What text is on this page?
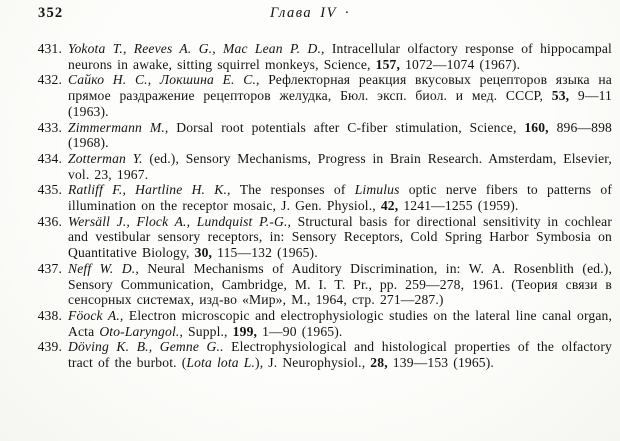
352	Глава IV ·
431. Yokota T., Reeves A. G., Mac Lean P. D., Intracellular olfactory response of hippocampal neurons in awake, sitting squirrel monkeys, Science, 157, 1072—1074 (1967).
432. Сайко Н. С., Локшина Е. С., Рефлекторная реакция вкусовых рецепторов языка на прямое раздражение рецепторов желудка, Бюл. эксп. биол. и мед. СССР, 53, 9—11 (1963).
433. Zimmermann M., Dorsal root potentials after C-fiber stimulation, Science, 160, 896—898 (1968).
434. Zotterman Y. (ed.), Sensory Mechanisms, Progress in Brain Research. Amsterdam, Elsevier, vol. 23, 1967.
435. Ratliff F., Hartline H. K., The responses of Limulus optic nerve fibers to patterns of illumination on the receptor mosaic, J. Gen. Physiol., 42, 1241—1255 (1959).
436. Wersäll J., Flock A., Lundquist P.-G., Structural basis for directional sensitivity in cochlear and vestibular sensory receptors, in: Sensory Receptors, Cold Spring Harbor Symbosia on Quantitative Biology, 30, 115—132 (1965).
437. Neff W. D., Neural Mechanisms of Auditory Discrimination, in: W. A. Rosenblith (ed.), Sensory Communication, Cambridge, M. I. T. Pr., pp. 259—278, 1961. (Теория связи в сенсорных системах, изд-во «Мир», М., 1964, стр. 271—287.)
438. Föock A., Electron microscopic and electrophysiologic studies on the lateral line canal organ, Acta Oto-Laryngol., Suppl., 199, 1—90 (1965).
439. Döving K. B., Gemne G.. Electrophysiological and histological properties of the olfactory tract of the burbot. (Lota lota L.), J. Neurophysiol., 28, 139—153 (1965).
